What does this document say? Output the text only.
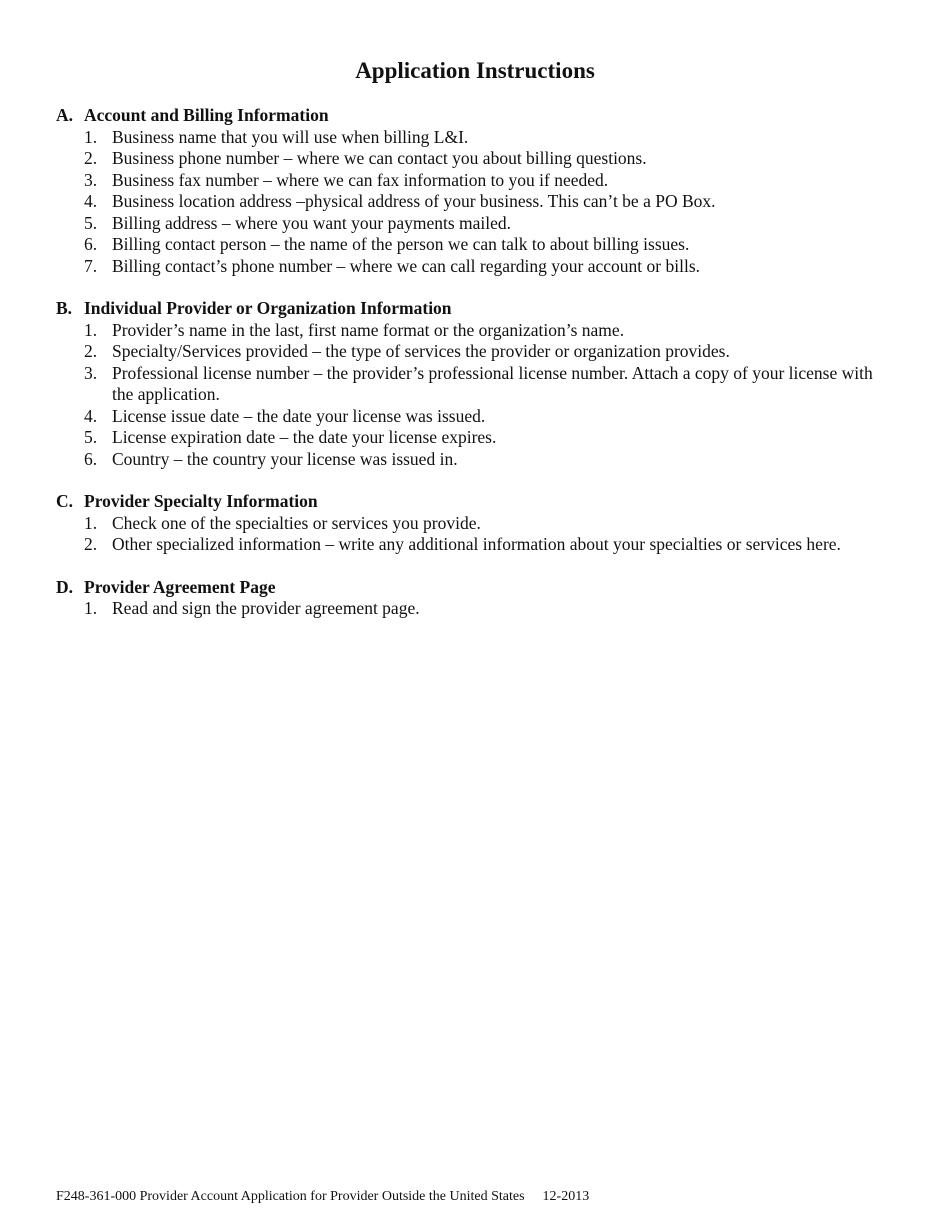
Application Instructions
A. Account and Billing Information
1. Business name that you will use when billing L&I.
2. Business phone number – where we can contact you about billing questions.
3. Business fax number – where we can fax information to you if needed.
4. Business location address –physical address of your business. This can’t be a PO Box.
5. Billing address – where you want your payments mailed.
6. Billing contact person – the name of the person we can talk to about billing issues.
7. Billing contact’s phone number – where we can call regarding your account or bills.
B. Individual Provider or Organization Information
1. Provider’s name in the last, first name format or the organization’s name.
2. Specialty/Services provided – the type of services the provider or organization provides.
3. Professional license number – the provider’s professional license number. Attach a copy of your license with the application.
4. License issue date – the date your license was issued.
5. License expiration date – the date your license expires.
6. Country – the country your license was issued in.
C. Provider Specialty Information
1. Check one of the specialties or services you provide.
2. Other specialized information – write any additional information about your specialties or services here.
D. Provider Agreement Page
1. Read and sign the provider agreement page.
F248-361-000 Provider Account Application for Provider Outside the United States 12-2013
